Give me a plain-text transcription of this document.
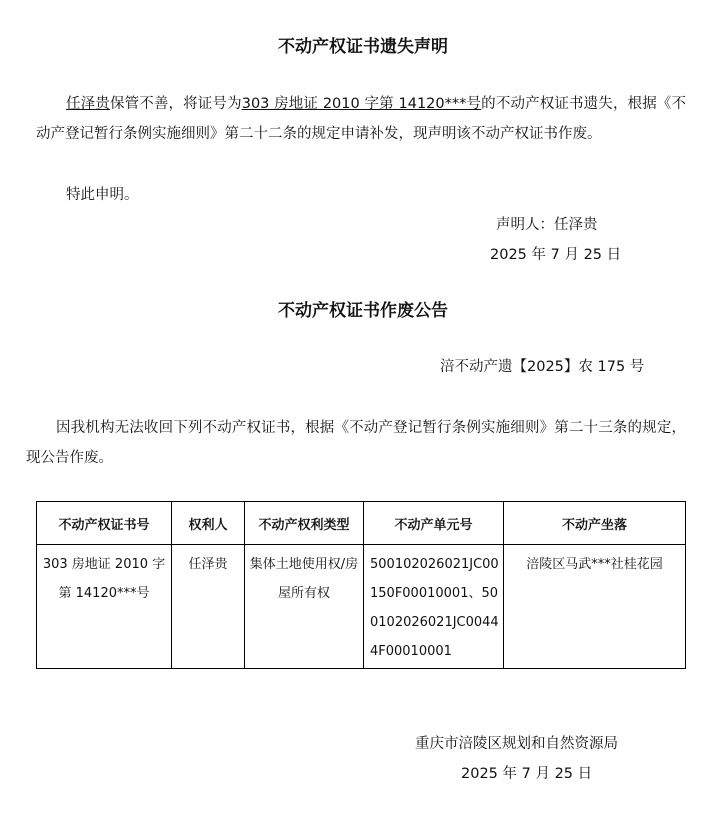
不动产权证书遗失声明
任泽贵保管不善，将证号为303 房地证 2010 字第 14120***号的不动产权证书遗失，根据《不动产登记暂行条例实施细则》第二十二条的规定申请补发，现声明该不动产权证书作废。
特此申明。
声明人：任泽贵
2025 年 7 月 25 日
不动产权证书作废公告
涪不动产遗【2025】农 175 号
因我机构无法收回下列不动产权证书，根据《不动产登记暂行条例实施细则》第二十三条的规定，现公告作废。
不动产权证书号	权利人	不动产权利类型	不动产单元号	不动产坐落
303 房地证 2010 字第 14120***号	任泽贵	集体土地使用权/房屋所有权	500102026021JC00150F00010001、500102026021JC00444F00010001	涪陵区马武***社桂花园
重庆市涪陵区规划和自然资源局
2025 年 7 月 25 日
